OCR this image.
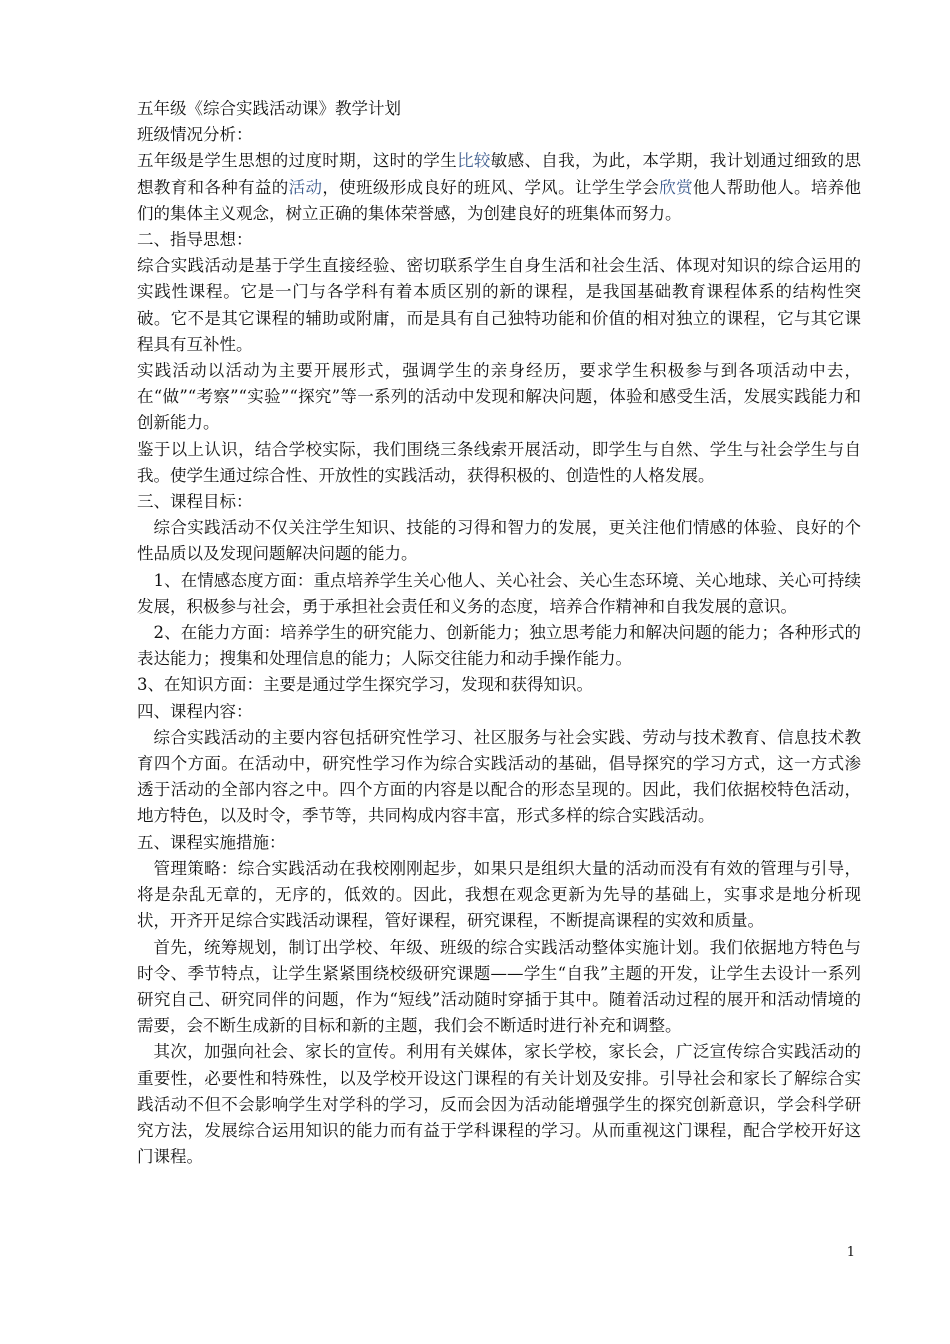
五年级《综合实践活动课》教学计划

班级情况分析：

五年级是学生思想的过度时期，这时的学生比较敏感、自我，为此，本学期，我计划通过细致的思想教育和各种有益的活动，使班级形成良好的班风、学风。让学生学会欣赏他人帮助他人。培养他们的集体主义观念，树立正确的集体荣誉感，为创建良好的班集体而努力。

二、指导思想：

综合实践活动是基于学生直接经验、密切联系学生自身生活和社会生活、体现对知识的综合运用的实践性课程。它是一门与各学科有着本质区别的新的课程，是我国基础教育课程体系的结构性突破。它不是其它课程的辅助或附庸，而是具有自己独特功能和价值的相对独立的课程，它与其它课程具有互补性。

实践活动以活动为主要开展形式，强调学生的亲身经历，要求学生积极参与到各项活动中去，在“做”“考察”“实验”“探究”等一系列的活动中发现和解决问题，体验和感受生活，发展实践能力和创新能力。

鉴于以上认识，结合学校实际，我们围绕三条线索开展活动，即学生与自然、学生与社会学生与自我。使学生通过综合性、开放性的实践活动，获得积极的、创造性的人格发展。

三、课程目标：

综合实践活动不仅关注学生知识、技能的习得和智力的发展，更关注他们情感的体验、良好的个性品质以及发现问题解决问题的能力。

1、在情感态度方面：重点培养学生关心他人、关心社会、关心生态环境、关心地球、关心可持续发展，积极参与社会，勇于承担社会责任和义务的态度，培养合作精神和自我发展的意识。

2、在能力方面：培养学生的研究能力、创新能力；独立思考能力和解决问题的能力；各种形式的表达能力；搜集和处理信息的能力；人际交往能力和动手操作能力。

3、在知识方面：主要是通过学生探究学习，发现和获得知识。

四、课程内容：

综合实践活动的主要内容包括研究性学习、社区服务与社会实践、劳动与技术教育、信息技术教育四个方面。在活动中，研究性学习作为综合实践活动的基础，倡导探究的学习方式，这一方式渗透于活动的全部内容之中。四个方面的内容是以配合的形态呈现的。因此，我们依据校特色活动，地方特色，以及时令，季节等，共同构成内容丰富，形式多样的综合实践活动。

五、课程实施措施：

管理策略：综合实践活动在我校刚刚起步，如果只是组织大量的活动而没有有效的管理与引导，将是杂乱无章的，无序的，低效的。因此，我想在观念更新为先导的基础上，实事求是地分析现状，开齐开足综合实践活动课程，管好课程，研究课程，不断提高课程的实效和质量。

首先，统筹规划，制订出学校、年级、班级的综合实践活动整体实施计划。我们依据地方特色与时令、季节特点，让学生紧紧围绕校级研究课题——学生“自我”主题的开发，让学生去设计一系列研究自己、研究同伴的问题，作为“短线”活动随时穿插于其中。随着活动过程的展开和活动情境的需要，会不断生成新的目标和新的主题，我们会不断适时进行补充和调整。

其次，加强向社会、家长的宣传。利用有关媒体，家长学校，家长会，广泛宣传综合实践活动的重要性，必要性和特殊性，以及学校开设这门课程的有关计划及安排。引导社会和家长了解综合实践活动不但不会影响学生对学科的学习，反而会因为活动能增强学生的探究创新意识，学会科学研究方法，发展综合运用知识的能力而有益于学科课程的学习。从而重视这门课程，配合学校开好这门课程。

1
